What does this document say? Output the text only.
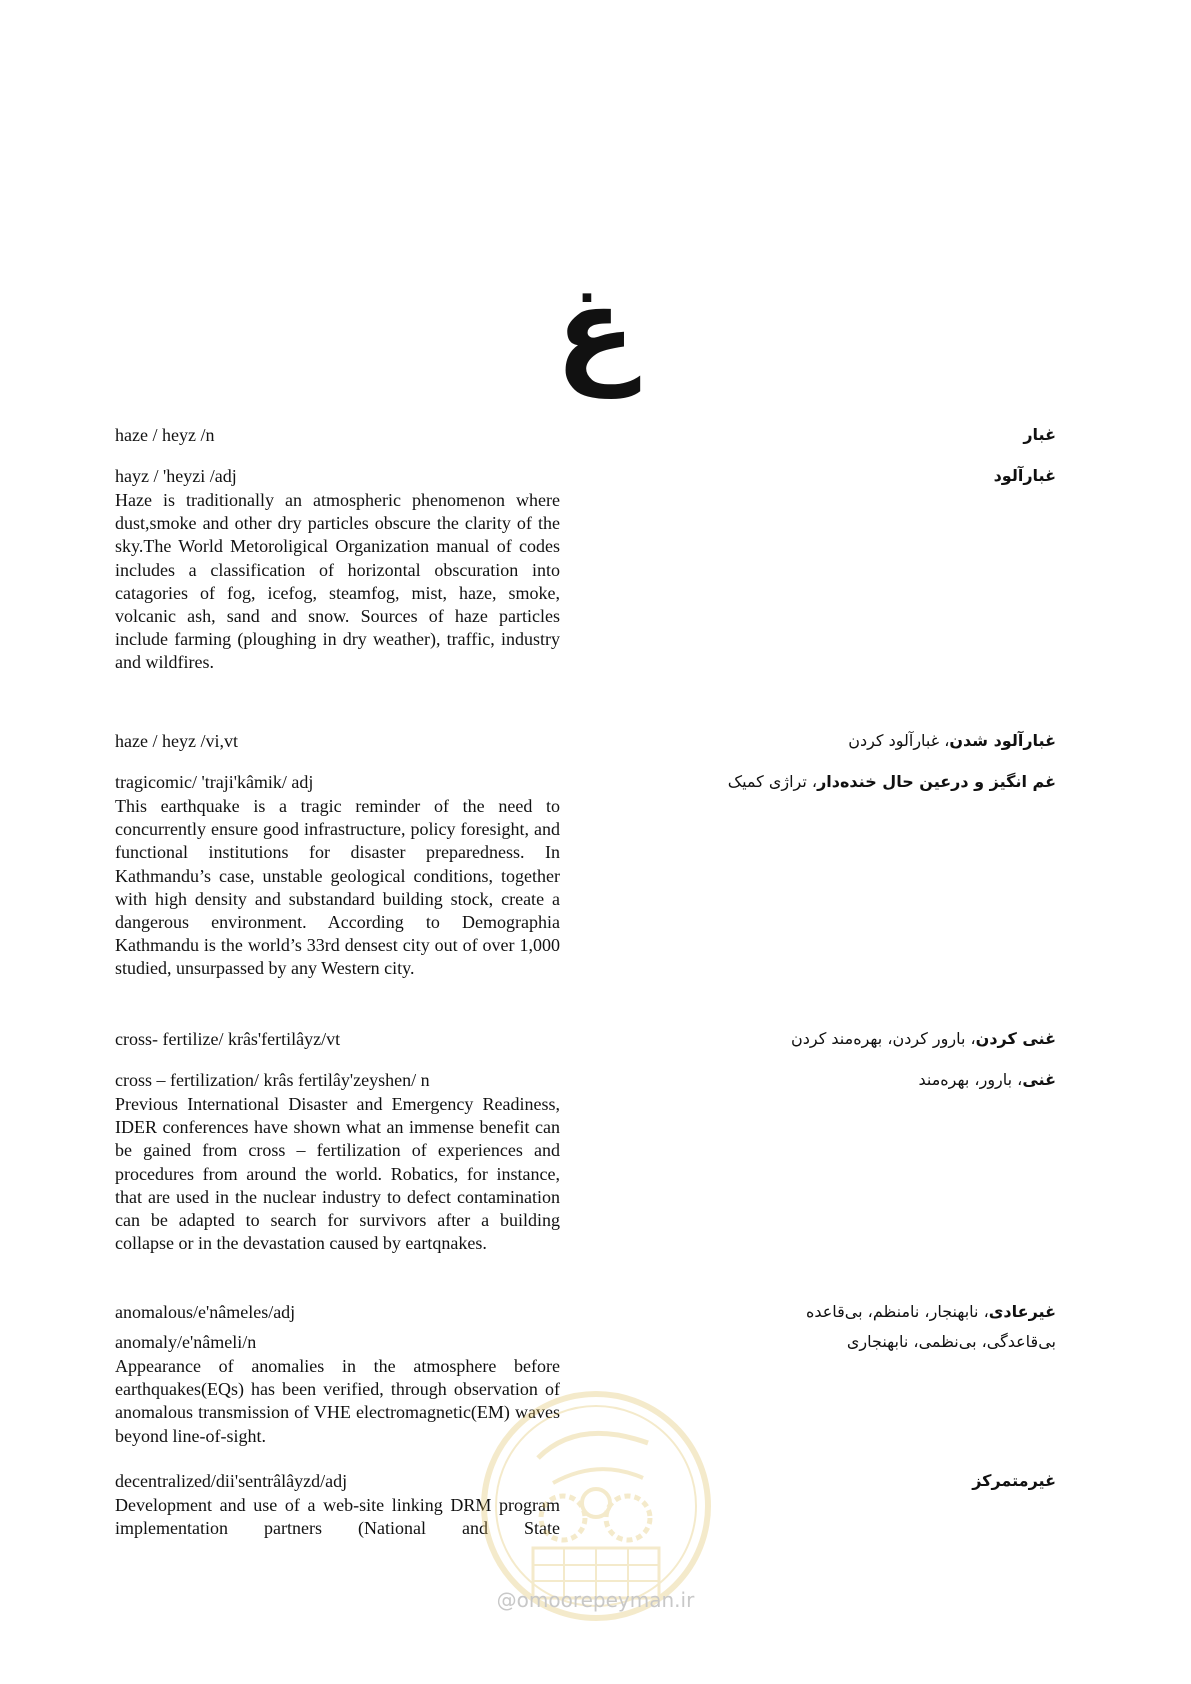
غ
haze / heyz /n	غبار
hayz / 'heyzi /adj	غبارآلود

Haze is traditionally an atmospheric phenomenon where dust,smoke and other dry particles obscure the clarity of the sky.The World Metoroligical Organization manual of codes includes a classification of horizontal obscuration into catagories of fog, icefog, steamfog, mist, haze, smoke, volcanic ash, sand and snow. Sources of haze particles include farming (ploughing in dry weather), traffic, industry and wildfires.

haze / heyz /vi,vt	غبارآلود شدن، غبارآلود کردن
tragicomic/ 'traji'kâmik/ adj	غم انگیز و درعین حال خنده‌دار، تراژی کمیک

This earthquake is a tragic reminder of the need to concurrently ensure good infrastructure, policy foresight, and functional institutions for disaster preparedness. In Kathmandu’s case, unstable geological conditions, together with high density and substandard building stock, create a dangerous environment. According to Demographia Kathmandu is the world’s 33rd densest city out of over 1,000 studied, unsurpassed by any Western city.

cross- fertilize/ krâs'fertilâyz/vt	غنی کردن، بارور کردن، بهره‌مند کردن
cross – fertilization/ krâs fertilây'zeyshen/ n	غنی، بارور، بهره‌مند

Previous International Disaster and Emergency Readiness, IDER conferences have shown what an immense benefit can be gained from cross – fertilization of experiences and procedures from around the world. Robatics, for instance, that are used in the nuclear industry to defect contamination can be adapted to search for survivors after a building collapse or in the devastation caused by eartqnakes.

anomalous/e'nâmeles/adj	غیرعادی، نابهنجار، نامنظم، بی‌قاعده
anomaly/e'nâmeli/n	بی‌قاعدگی، بی‌نظمی، نابهنجاری

Appearance of anomalies in the atmosphere before earthquakes(EQs) has been verified, through observation of anomalous transmission of VHE electromagnetic(EM) waves beyond line-of-sight.

decentralized/dii'sentrâlâyzd/adj	غیرمتمرکز

Development and use of a web-site linking DRM program implementation partners (National and State

@omoorepeyman.ir
